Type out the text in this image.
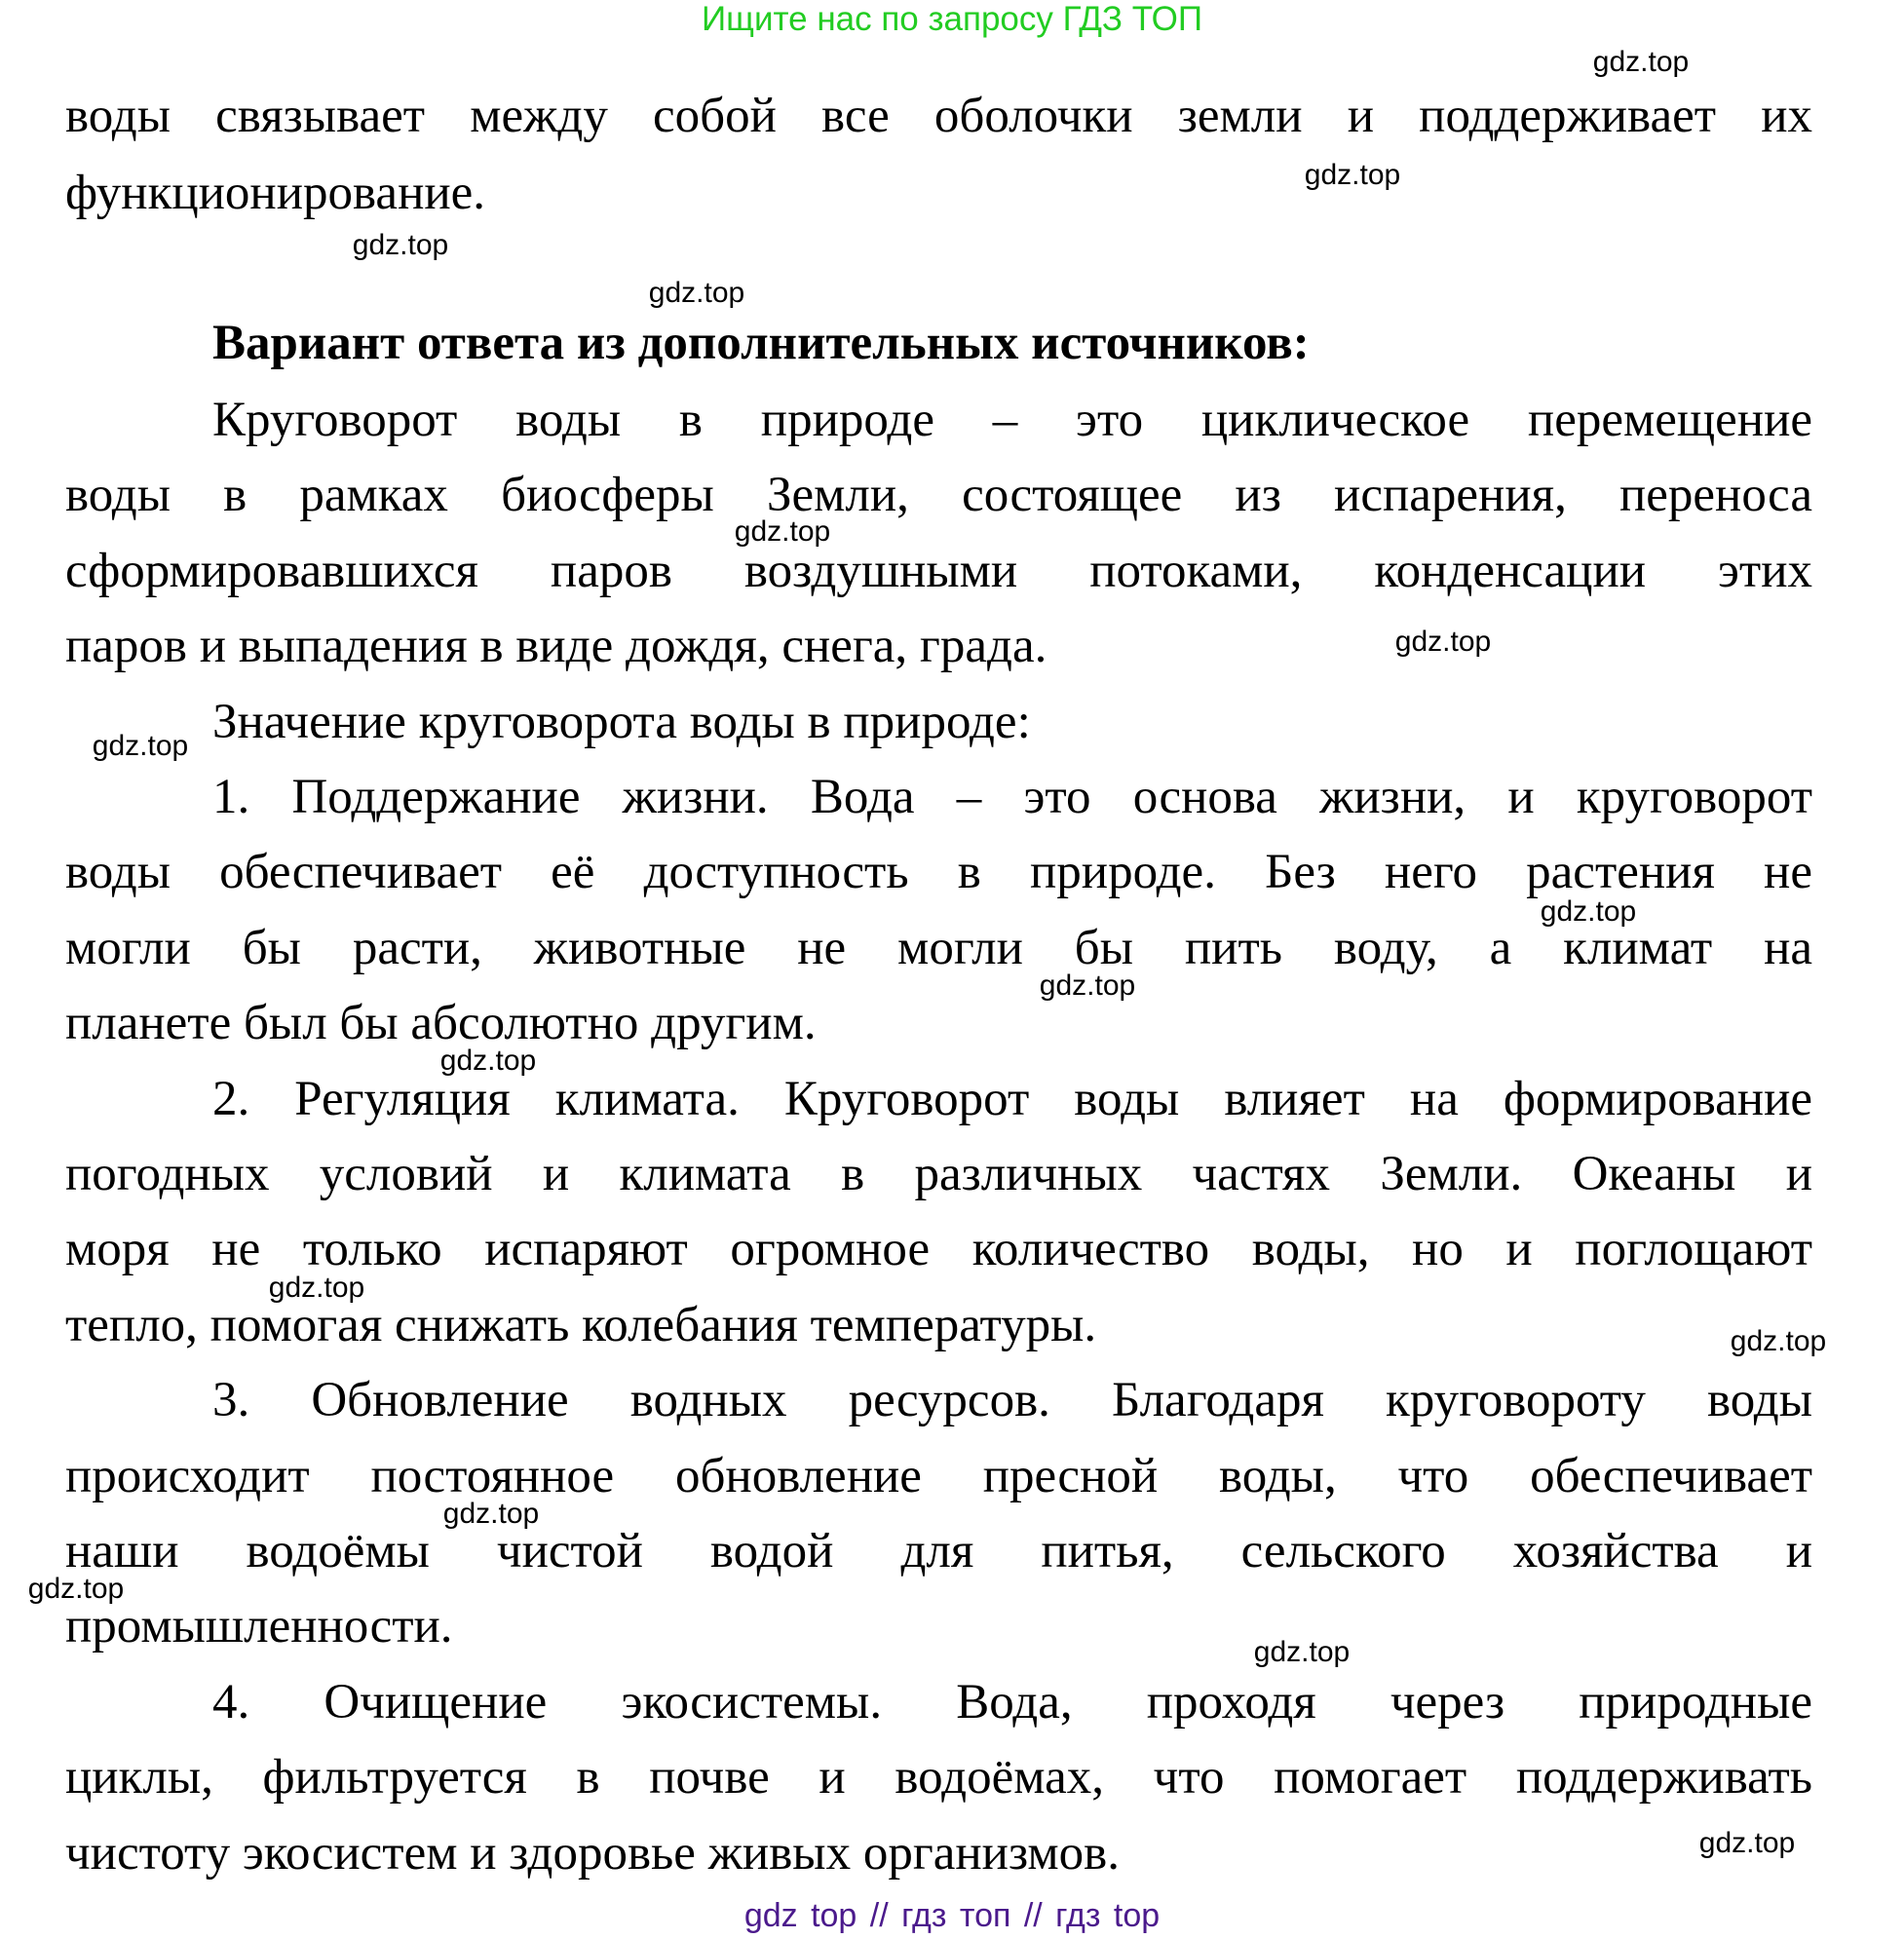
Ищите нас по запросу ГДЗ ТОП
воды связывает между собой все оболочки земли и поддерживает их
функционирование.
Вариант ответа из дополнительных источников:
Круговорот воды в природе – это циклическое перемещение
воды в рамках биосферы Земли, состоящее из испарения, переноса
сформировавшихся паров воздушными потоками, конденсации этих
паров и выпадения в виде дождя, снега, града.
Значение круговорота воды в природе:
1. Поддержание жизни. Вода – это основа жизни, и круговорот
воды обеспечивает её доступность в природе. Без него растения не
могли бы расти, животные не могли бы пить воду, а климат на
планете был бы абсолютно другим.
2. Регуляция климата. Круговорот воды влияет на формирование
погодных условий и климата в различных частях Земли. Океаны и
моря не только испаряют огромное количество воды, но и поглощают
тепло, помогая снижать колебания температуры.
3. Обновление водных ресурсов. Благодаря круговороту воды
происходит постоянное обновление пресной воды, что обеспечивает
наши водоёмы чистой водой для питья, сельского хозяйства и
промышленности.
4. Очищение экосистемы. Вода, проходя через природные
циклы, фильтруется в почве и водоёмах, что помогает поддерживать
чистоту экосистем и здоровье живых организмов.
gdz.top
gdz.top
gdz.top
gdz.top
gdz.top
gdz.top
gdz.top
gdz.top
gdz.top
gdz.top
gdz.top
gdz.top
gdz.top
gdz.top
gdz.top
gdz.top
gdz top // гдз топ // гдз top
